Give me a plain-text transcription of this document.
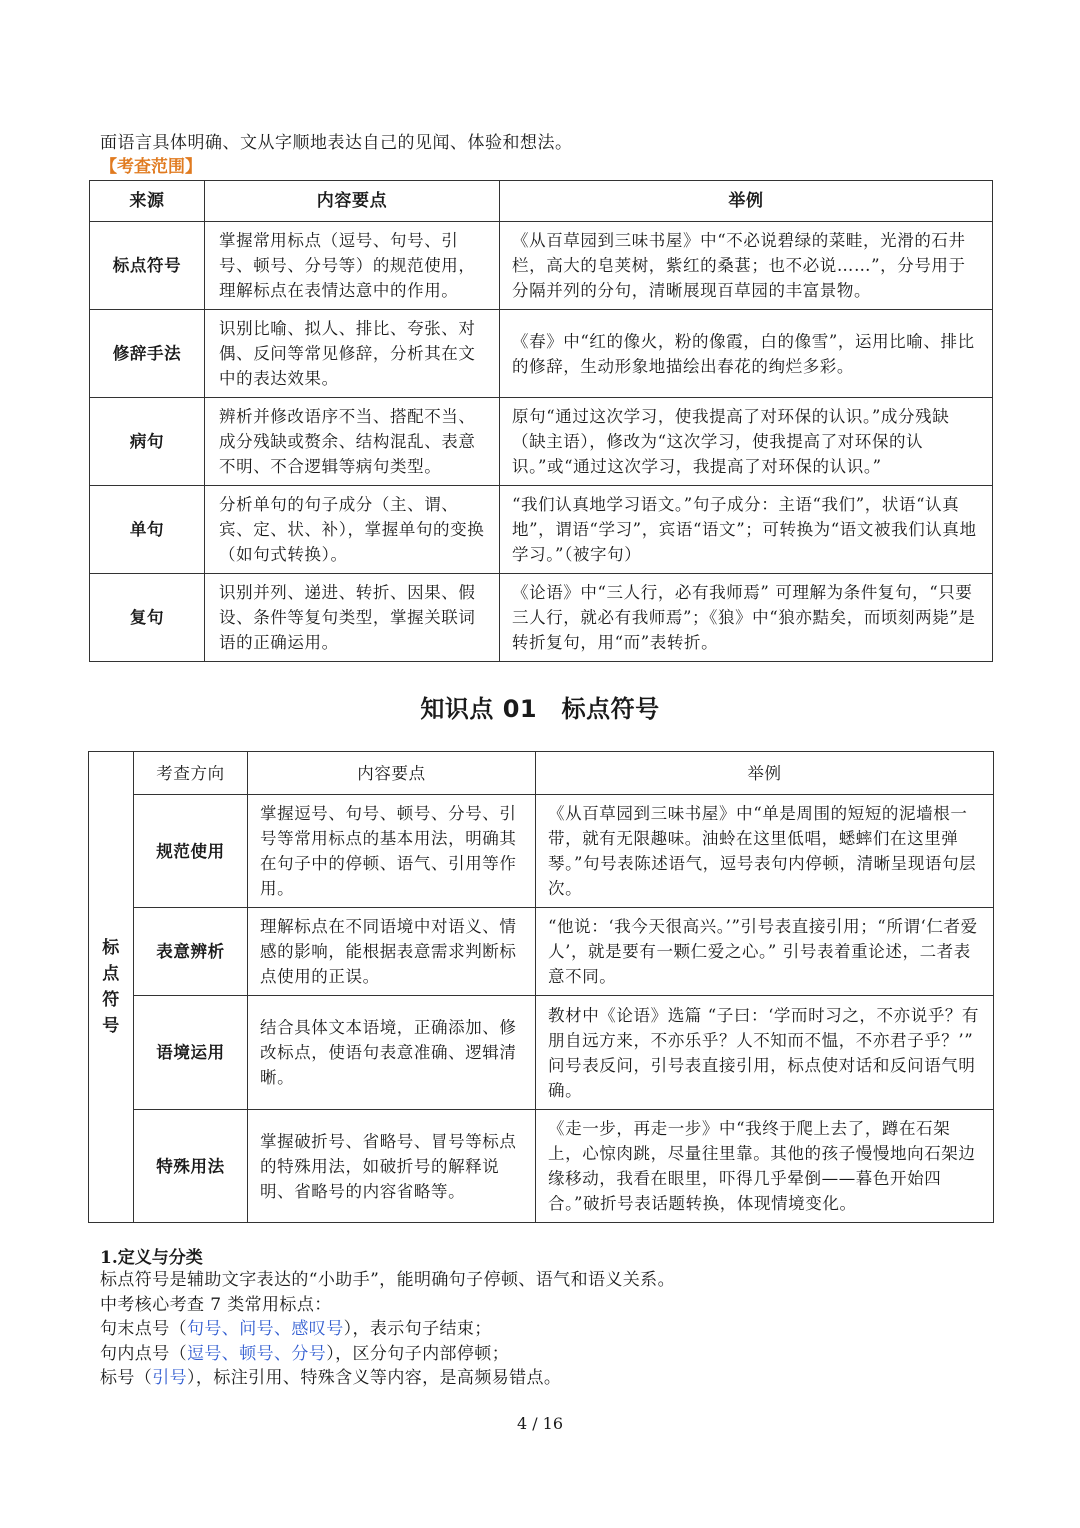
面语言具体明确、文从字顺地表达自己的见闻、体验和想法。
【考查范围】
来源	内容要点	举例
标点符号	掌握常用标点（逗号、句号、引号、顿号、分号等）的规范使用，理解标点在表情达意中的作用。	《从百草园到三味书屋》中“不必说碧绿的菜畦，光滑的石井栏，高大的皂荚树，紫红的桑葚；也不必说……”，分号用于分隔并列的分句，清晰展现百草园的丰富景物。
修辞手法	识别比喻、拟人、排比、夸张、对偶、反问等常见修辞，分析其在文中的表达效果。	《春》中“红的像火，粉的像霞，白的像雪”，运用比喻、排比的修辞，生动形象地描绘出春花的绚烂多彩。
病句	辨析并修改语序不当、搭配不当、成分残缺或赘余、结构混乱、表意不明、不合逻辑等病句类型。	原句“通过这次学习，使我提高了对环保的认识。”成分残缺（缺主语），修改为“这次学习，使我提高了对环保的认识。”或“通过这次学习，我提高了对环保的认识。”
单句	分析单句的句子成分（主、谓、宾、定、状、补），掌握单句的变换（如句式转换）。	“我们认真地学习语文。”句子成分：主语“我们”，状语“认真地”，谓语“学习”，宾语“语文”；可转换为“语文被我们认真地学习。”（被字句）
复句	识别并列、递进、转折、因果、假设、条件等复句类型，掌握关联词语的正确运用。	《论语》中“三人行，必有我师焉” 可理解为条件复句，“只要三人行，就必有我师焉”；《狼》中“狼亦黠矣，而顷刻两毙”是转折复句，用“而”表转折。
知识点 01　标点符号
标
点
符
号	考查方向	内容要点	举例
	规范使用	掌握逗号、句号、顿号、分号、引号等常用标点的基本用法，明确其在句子中的停顿、语气、引用等作用。	《从百草园到三味书屋》中“单是周围的短短的泥墙根一带，就有无限趣味。油蛉在这里低唱，蟋蟀们在这里弹琴。”句号表陈述语气，逗号表句内停顿，清晰呈现语句层次。
	表意辨析	理解标点在不同语境中对语义、情感的影响，能根据表意需求判断标点使用的正误。	“他说：‘我今天很高兴。’”引号表直接引用；“所谓‘仁者爱人’，就是要有一颗仁爱之心。” 引号表着重论述，二者表意不同。
	语境运用	结合具体文本语境，正确添加、修改标点，使语句表意准确、逻辑清晰。	教材中《论语》选篇 “子曰：‘学而时习之，不亦说乎？有朋自远方来，不亦乐乎？人不知而不愠，不亦君子乎？’” 问号表反问，引号表直接引用，标点使对话和反问语气明确。
	特殊用法	掌握破折号、省略号、冒号等标点的特殊用法，如破折号的解释说明、省略号的内容省略等。	《走一步，再走一步》中“我终于爬上去了，蹲在石架上，心惊肉跳，尽量往里靠。其他的孩子慢慢地向石架边缘移动，我看在眼里，吓得几乎晕倒——暮色开始四合。”破折号表话题转换，体现情境变化。
1.定义与分类
标点符号是辅助文字表达的“小助手”，能明确句子停顿、语气和语义关系。
中考核心考查 7 类常用标点：
句末点号（句号、问号、感叹号），表示句子结束；
句内点号（逗号、顿号、分号），区分句子内部停顿；
标号（引号），标注引用、特殊含义等内容，是高频易错点。
4 / 16
